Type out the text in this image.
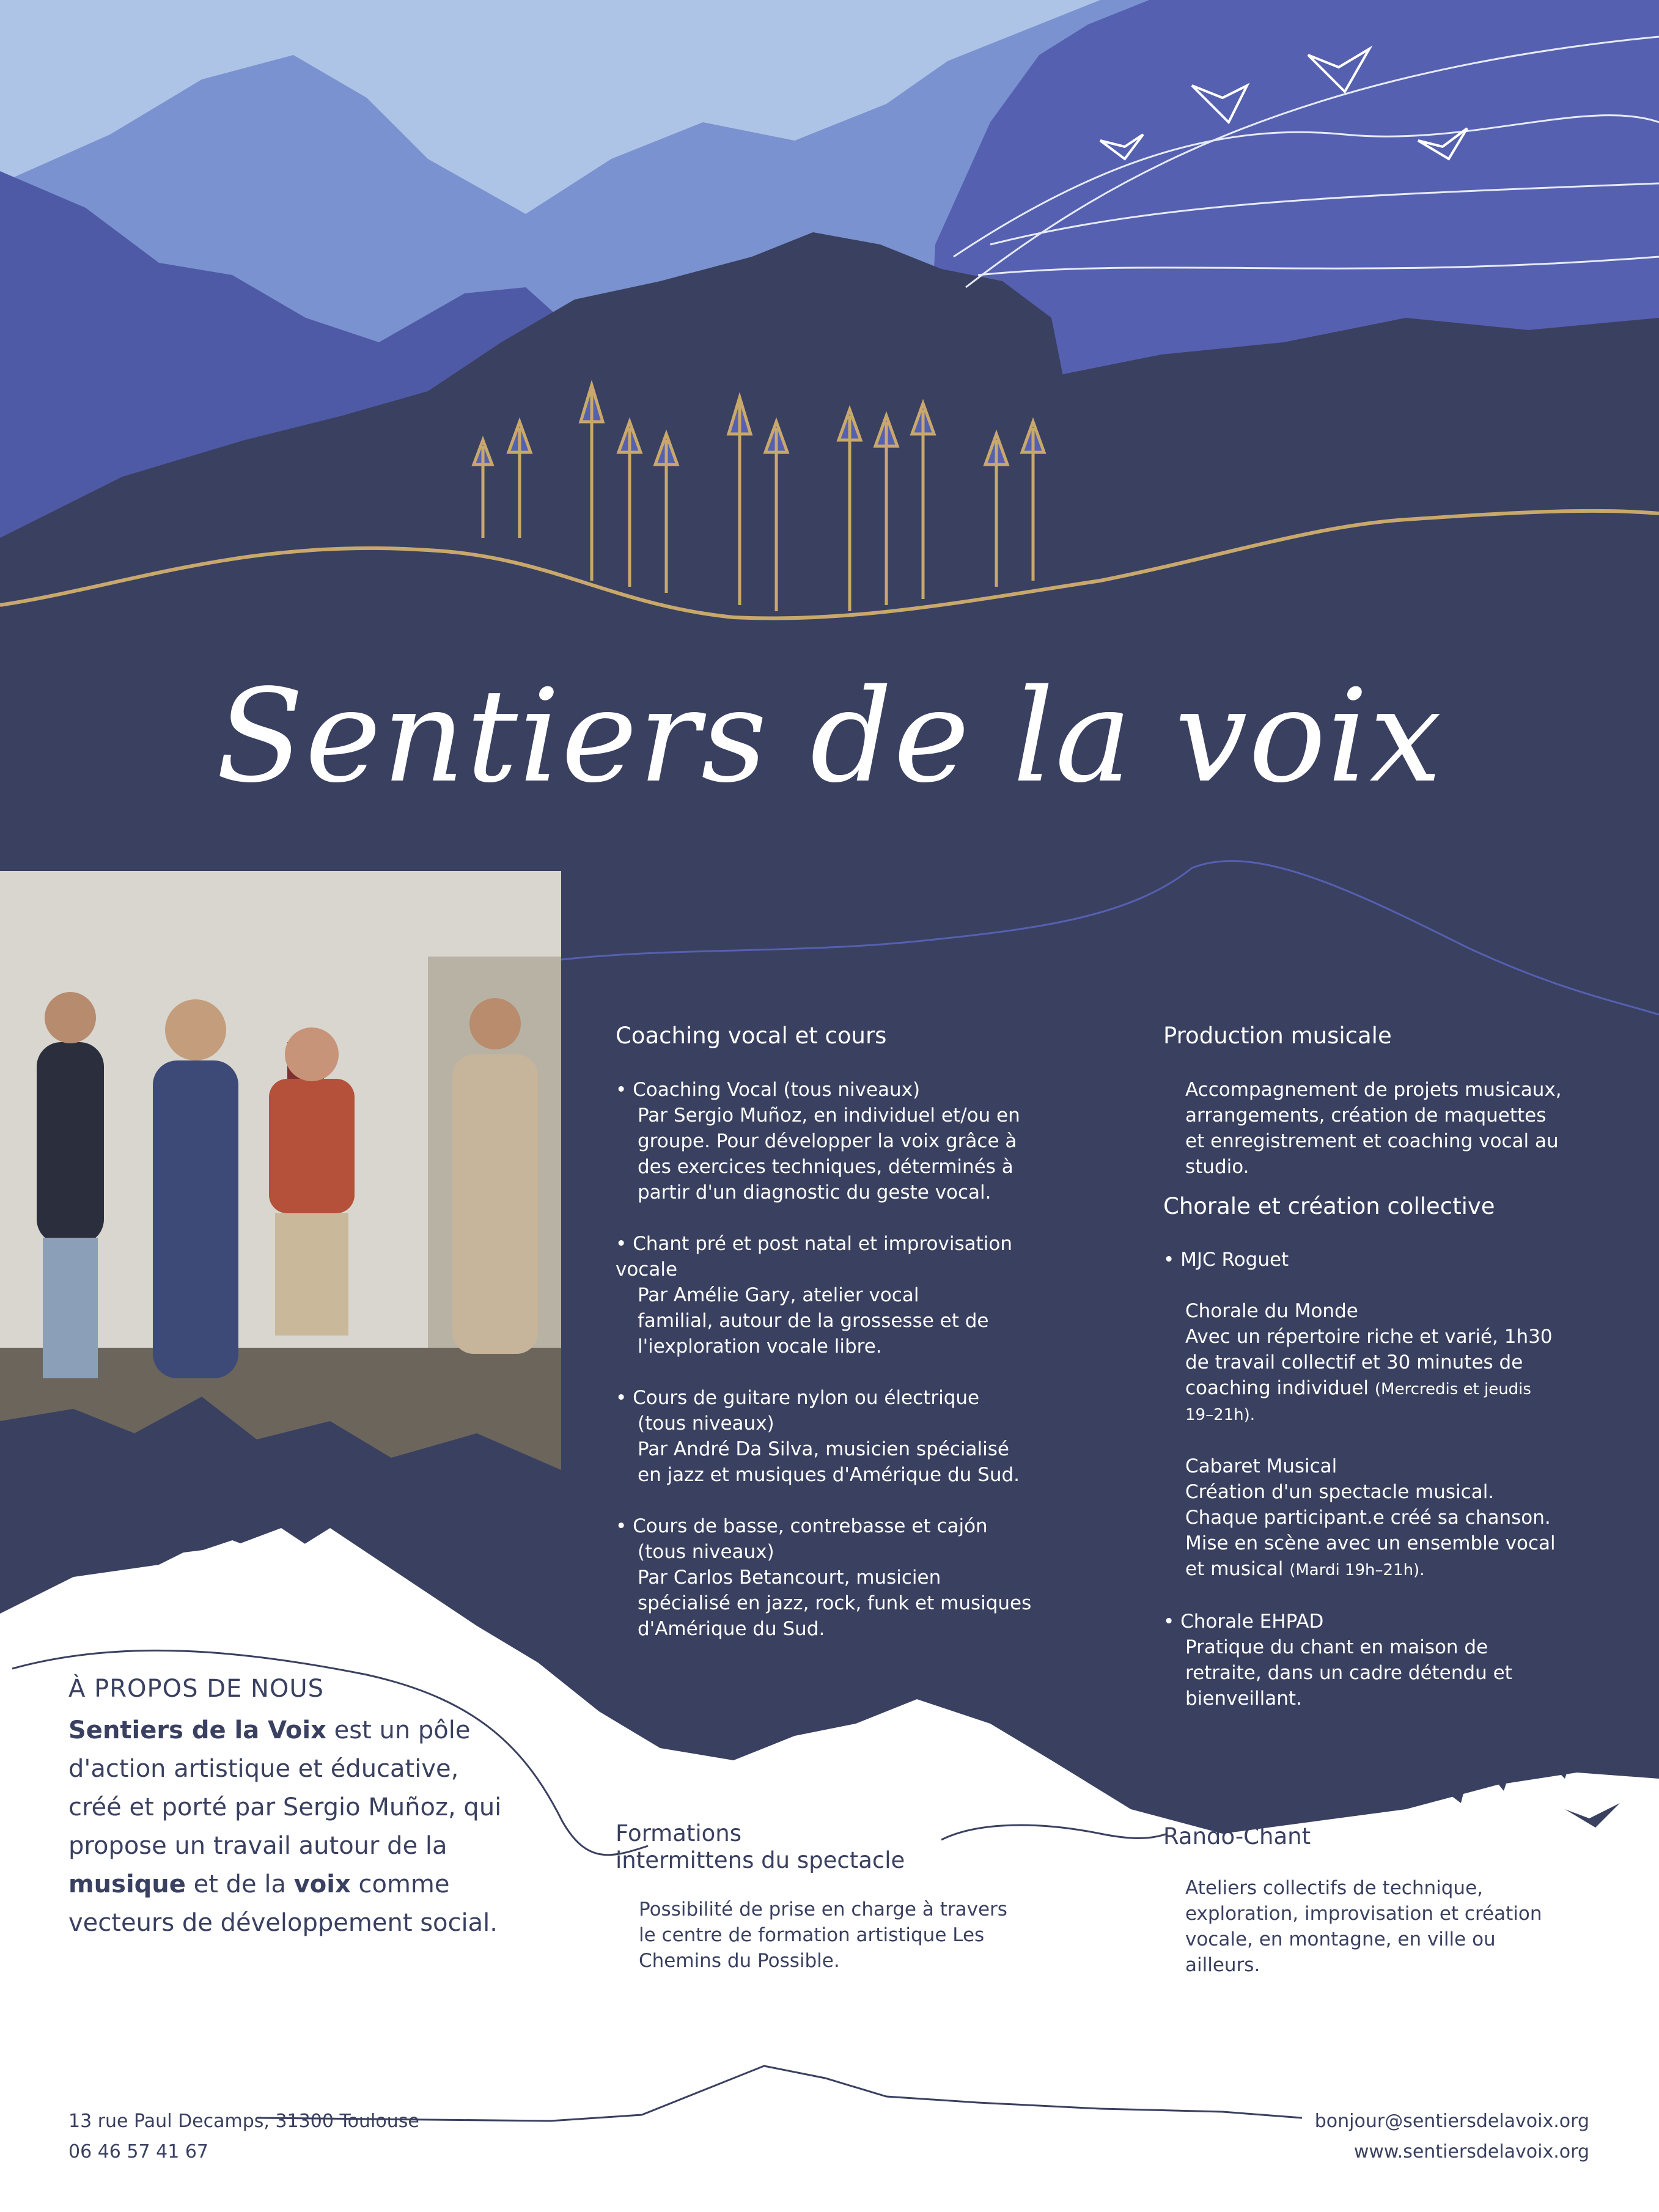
Sentiers de la voix
Coaching vocal et cours

• Coaching Vocal (tous niveaux)

Par Sergio Muñoz, en individuel et/ou en

groupe. Pour développer la voix grâce à

des exercices techniques, déterminés à

partir d'un diagnostic du geste vocal.

• Chant pré et post natal et improvisation

vocale

Par Amélie Gary, atelier vocal

familial, autour de la grossesse et de

l'iexploration vocale libre.

• Cours de guitare nylon ou électrique

(tous niveaux)

Par André Da Silva, musicien spécialisé

en jazz et musiques d'Amérique du Sud.

• Cours de basse, contrebasse et cajón

(tous niveaux)

Par Carlos Betancourt, musicien

spécialisé en jazz, rock, funk et musiques

d'Amérique du Sud.

Production musicale

Accompagnement de projets musicaux,

arrangements, création de maquettes

et enregistrement et coaching vocal au

studio.

Chorale et création collective

• MJC Roguet

Chorale du Monde

Avec un répertoire riche et varié, 1h30

de travail collectif et 30 minutes de

coaching individuel (Mercredis et jeudis

19–21h).

Cabaret Musical

Création d'un spectacle musical.

Chaque participant.e créé sa chanson.

Mise en scène avec un ensemble vocal

et musical (Mardi 19h–21h).

• Chorale EHPAD

Pratique du chant en maison de

retraite, dans un cadre détendu et

bienveillant.

À PROPOS DE NOUS
Sentiers de la Voix est un pôle d'action artistique et éducative, créé et porté par Sergio Muñoz, qui propose un travail autour de la musique et de la voix comme vecteurs de développement social.
Formations
intermittens du spectacle

Possibilité de prise en charge à travers

le centre de formation artistique Les

Chemins du Possible.

Rando-Chant

Ateliers collectifs de technique,

exploration, improvisation et création

vocale, en montagne, en ville ou

ailleurs.

13 rue Paul Decamps, 31300 Toulouse
06 46 57 41 67
bonjour@sentiersdelavoix.org
www.sentiersdelavoix.org
